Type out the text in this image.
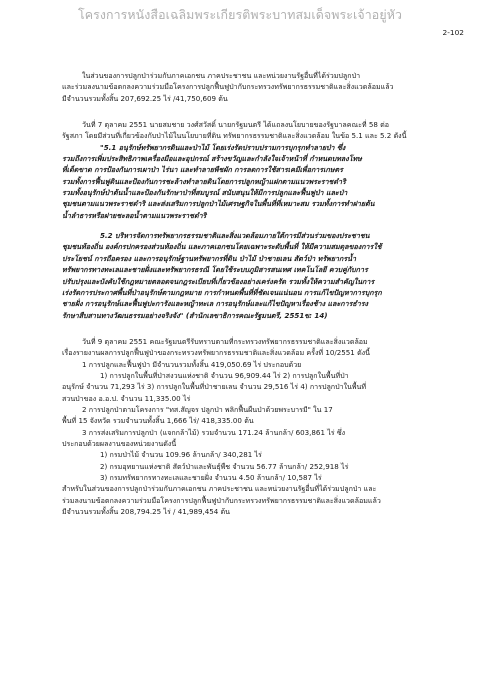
โครงการหนังสือเฉลิมพระเกียรติพระบาทสมเด็จพระเจ้าอยู่หัว
2-102

ในส่วนของการปลูกป่าร่วมกับภาคเอกชน ภาคประชาชน และหน่วยงานรัฐอื่นที่ได้ร่วมปลูกป่า

และร่วมลงนามข้อตกลงความร่วมมือโครงการปลูกฟื้นฟูป่ากับกระทรวงทรัพยากรธรรมชาติและสิ่งแวดล้อมแล้ว

มีจำนวนรวมทั้งสิ้น 207,692.25 ไร่ /41,750,609 ต้น

วันที่ 7 ตุลาคม 2551 นายสมชาย วงศ์สวัสดิ์ นายกรัฐมนตรี ได้แถลงนโยบายของรัฐบาลคณะที่ 58 ต่อ

รัฐสภา โดยมีส่วนที่เกี่ยวข้องกับป่าไม้ในนโยบายที่ดิน ทรัพยากรธรรมชาติและสิ่งแวดล้อม ในข้อ 5.1 และ 5.2 ดังนี้

"5.1 อนุรักษ์ทรัพยากรดินและป่าไม้ โดยเร่งรัดปราบปรามการบุกรุกทำลายป่า ซึ่ง

รวมถึงการเพิ่มประสิทธิภาพเครื่องมือและอุปกรณ์ สร้างขวัญและกำลังใจเจ้าหน้าที่ กำหนดบทลงโทษ

ที่เด็ดขาด การป้องกันการเผาป่า ไร่นา และทำลายพืชผัก การลดการใช้สารเคมีเพื่อการเกษตร

รวมทั้งการฟื้นฟูดินและป้องกันการชะล้างทำลายดินโดยการปลูกหญ้าแฝกตามแนวพระราชดำริ

รวมทั้งอนุรักษ์ป่าต้นน้ำและป้องกันรักษาป่าที่สมบูรณ์ สนับสนุนให้มีการปลูกและฟื้นฟูป่า และป่า

ชุมชนตามแนวพระราชดำริ และส่งเสริมการปลูกป่าไม้เศรษฐกิจในพื้นที่ที่เหมาะสม รวมทั้งการทำฝายต้น

น้ำลำธารหรือฝายชะลอน้ำตามแนวพระราชดำริ

5.2 บริหารจัดการทรัพยากรธรรมชาติและสิ่งแวดล้อมภายใต้การมีส่วนร่วมของประชาชน

ชุมชนท้องถิ่น องค์กรปกครองส่วนท้องถิ่น และภาคเอกชนโดยเฉพาะระดับพื้นที่ ให้มีความสมดุลของการใช้

ประโยชน์ การถือครอง และการอนุรักษ์ฐานทรัพยากรที่ดิน ป่าไม้ ป่าชายเลน สัตว์ป่า ทรัพยากรน้ำ

ทรัพยากรทางทะเลและชายฝั่งและทรัพยากรธรณี โดยใช้ระบบภูมิสารสนเทศ เทคโนโลยี ควบคู่กับการ

ปรับปรุงและบังคับใช้กฎหมายตลอดจนกฎระเบียบที่เกี่ยวข้องอย่างเคร่งครัด รวมทั้งให้ความสำคัญในการ

เร่งรัดการประกาศพื้นที่ป่าอนุรักษ์ตามกฎหมาย การกำหนดพื้นที่ที่ชัดเจนแน่นอน การแก้ไขปัญหาการบุกรุก

ชายฝั่ง การอนุรักษ์และฟื้นฟูปะการังและหญ้าทะเล การอนุรักษ์และแก้ไขปัญหาเรื่องช้าง และการธำรง

รักษาสืบสานทางวัฒนธรรมอย่างจริงจัง" (สำนักเลขาธิการคณะรัฐมนตรี, 2551ข: 14)

วันที่ 9 ตุลาคม 2551 คณะรัฐมนตรีรับทราบตามที่กระทรวงทรัพยากรธรรมชาติและสิ่งแวดล้อม

เรื่องรายงานผลการปลูกฟื้นฟูป่าของกระทรวงทรัพยากรธรรมชาติและสิ่งแวดล้อม ครั้งที่ 10/2551 ดังนี้

1 การปลูกและฟื้นฟูป่า มีจำนวนรวมทั้งสิ้น 419,050.69 ไร่ ประกอบด้วย

1) การปลูกในพื้นที่ป่าสงวนแห่งชาติ จำนวน 96,909.44 ไร่ 2) การปลูกในพื้นที่ป่า

อนุรักษ์ จำนวน 71,293 ไร่ 3) การปลูกในพื้นที่ป่าชายเลน จำนวน 29,516 ไร่ 4) การปลูกป่าในพื้นที่

สวนป่าของ อ.อ.ป. จำนวน 11,335.00 ไร่

2 การปลูกป่าตามโครงการ "ทส.สัญจร ปลูกป่า พลิกฟื้นผืนป่าด้วยพระบารมี" ใน 17

พื้นที่ 15 จังหวัด รวมจำนวนทั้งสิ้น 1,666 ไร่/ 418,335.00 ต้น

3 การส่งเสริมการปลูกป่า (แจกกล้าไม้) รวมจำนวน 171.24 ล้านกล้า/ 603,861 ไร่ ซึ่ง

ประกอบด้วยผลงานของหน่วยงานดังนี้

1) กรมป่าไม้ จำนวน 109.96 ล้านกล้า/ 340,281 ไร่

2) กรมอุทยานแห่งชาติ สัตว์ป่าและพันธุ์พืช จำนวน 56.77 ล้านกล้า/ 252,918 ไร่

3) กรมทรัพยากรทางทะเลและชายฝั่ง จำนวน 4.50 ล้านกล้า/ 10,587 ไร่

สำหรับในส่วนของการปลูกป่าร่วมกับภาคเอกชน ภาคประชาชน และหน่วยงานรัฐอื่นที่ได้ร่วมปลูกป่า และ

ร่วมลงนามข้อตกลงความร่วมมือโครงการปลูกฟื้นฟูป่ากับกระทรวงทรัพยากรธรรมชาติและสิ่งแวดล้อมแล้ว

มีจำนวนรวมทั้งสิ้น 208,794.25 ไร่ / 41,989,454 ต้น
